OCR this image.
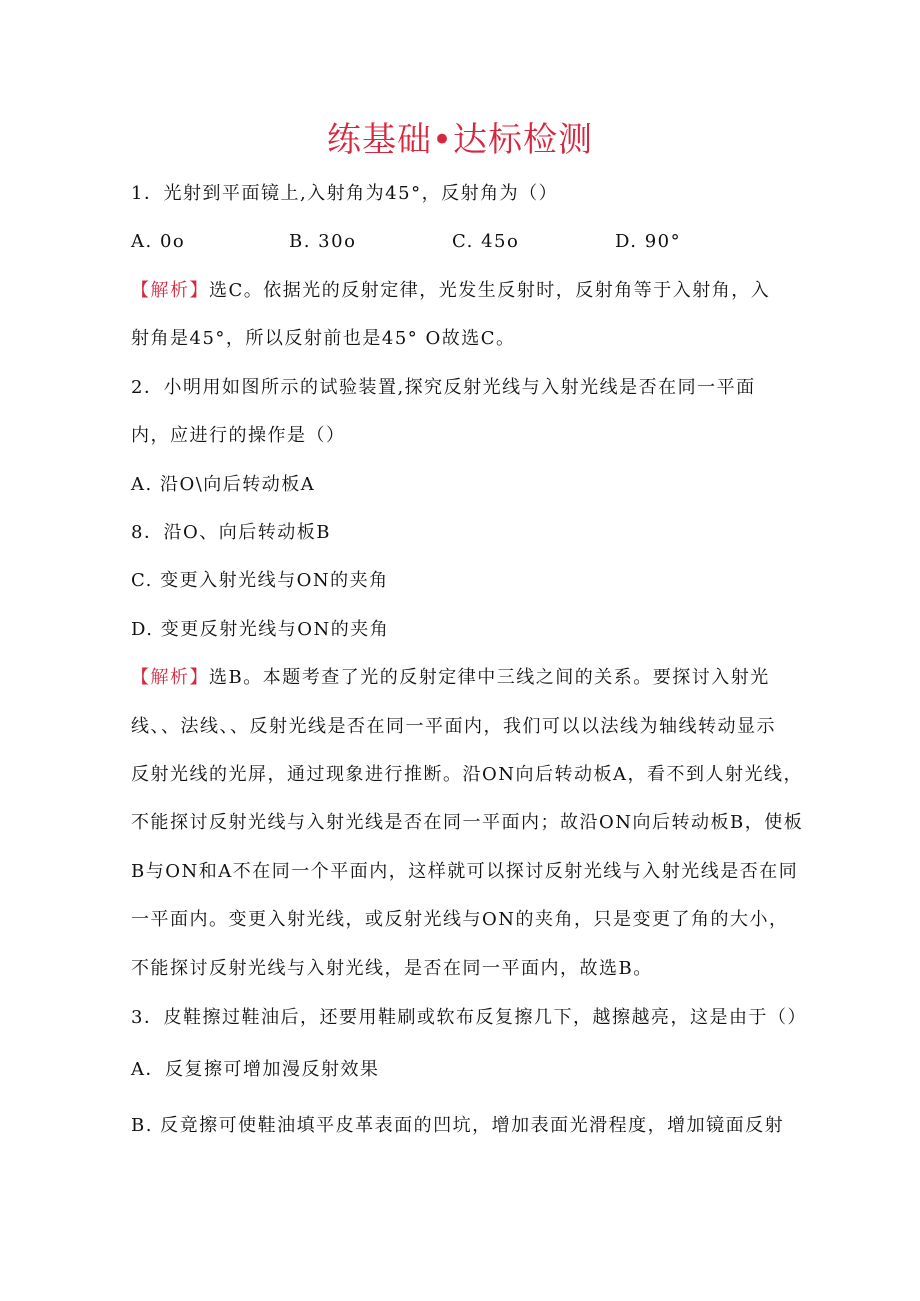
练基础•达标检测
1．光射到平面镜上,入射角为45°，反射角为（）
A. 0o	B. 30o	C. 45o	D. 90°
【解析】选C。依据光的反射定律，光发生反射时，反射角等于入射角，入
射角是45°，所以反射前也是45° O故选C。
2．小明用如图所示的试验装置,探究反射光线与入射光线是否在同一平面
内，应进行的操作是（）
A. 沿O\向后转动板A
8．沿O、向后转动板B
C. 变更入射光线与ON的夹角
D. 变更反射光线与ON的夹角
【解析】选B。本题考查了光的反射定律中三线之间的关系。要探讨入射光
线、、法线、、反射光线是否在同一平面内，我们可以以法线为轴线转动显示
反射光线的光屏，通过现象进行推断。沿ON向后转动板A，看不到人射光线，
不能探讨反射光线与入射光线是否在同一平面内；故沿ON向后转动板B，使板
B与ON和A不在同一个平面内，这样就可以探讨反射光线与入射光线是否在同
一平面内。变更入射光线，或反射光线与ON的夹角，只是变更了角的大小，
不能探讨反射光线与入射光线，是否在同一平面内，故选B。
3．皮鞋擦过鞋油后，还要用鞋刷或软布反复擦几下，越擦越亮，这是由于（）
A．反复擦可增加漫反射效果
B. 反竟擦可使鞋油填平皮革表面的凹坑，增加表面光滑程度，增加镜面反射
